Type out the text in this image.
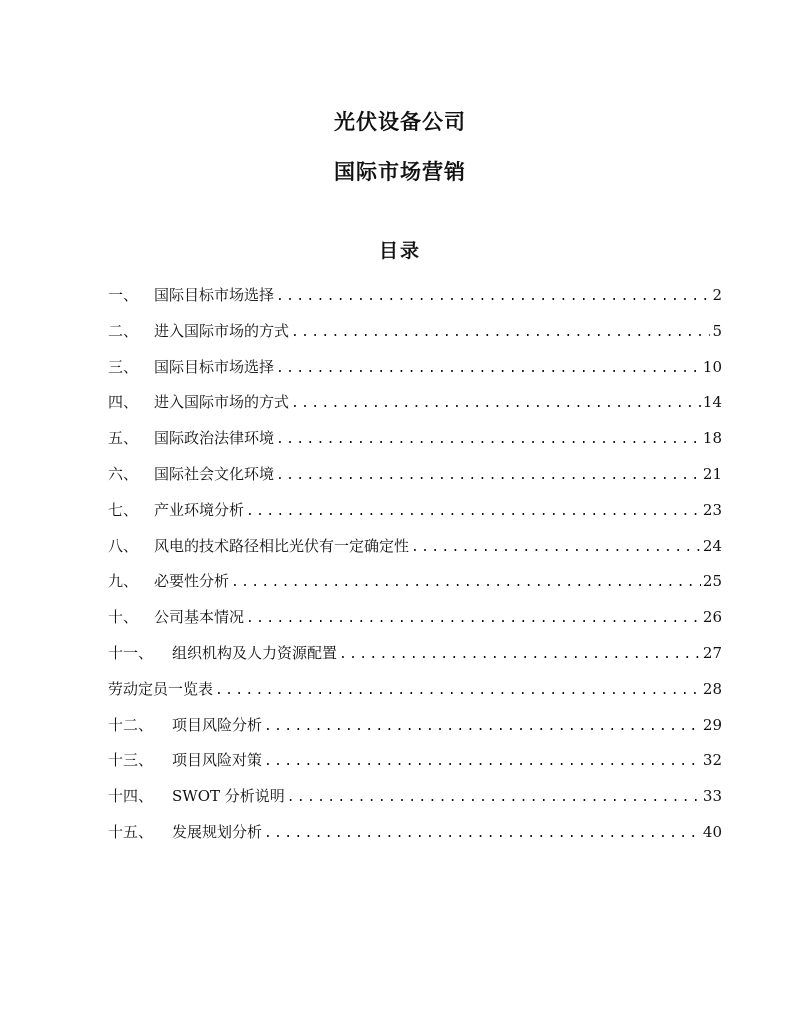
光伏设备公司
国际市场营销
目录
一、	国际目标市场选择 .....	2
二、	进入国际市场的方式 .....	5
三、	国际目标市场选择 .....	10
四、	进入国际市场的方式 .....	14
五、	国际政治法律环境 .....	18
六、	国际社会文化环境 .....	21
七、	产业环境分析 .....	23
八、	风电的技术路径相比光伏有一定确定性 .....	24
九、	必要性分析 .....	25
十、	公司基本情况 .....	26
十一、	组织机构及人力资源配置 .....	27
劳动定员一览表 .....	28
十二、	项目风险分析 .....	29
十三、	项目风险对策 .....	32
十四、	SWOT 分析说明 .....	33
十五、	发展规划分析 .....	40
